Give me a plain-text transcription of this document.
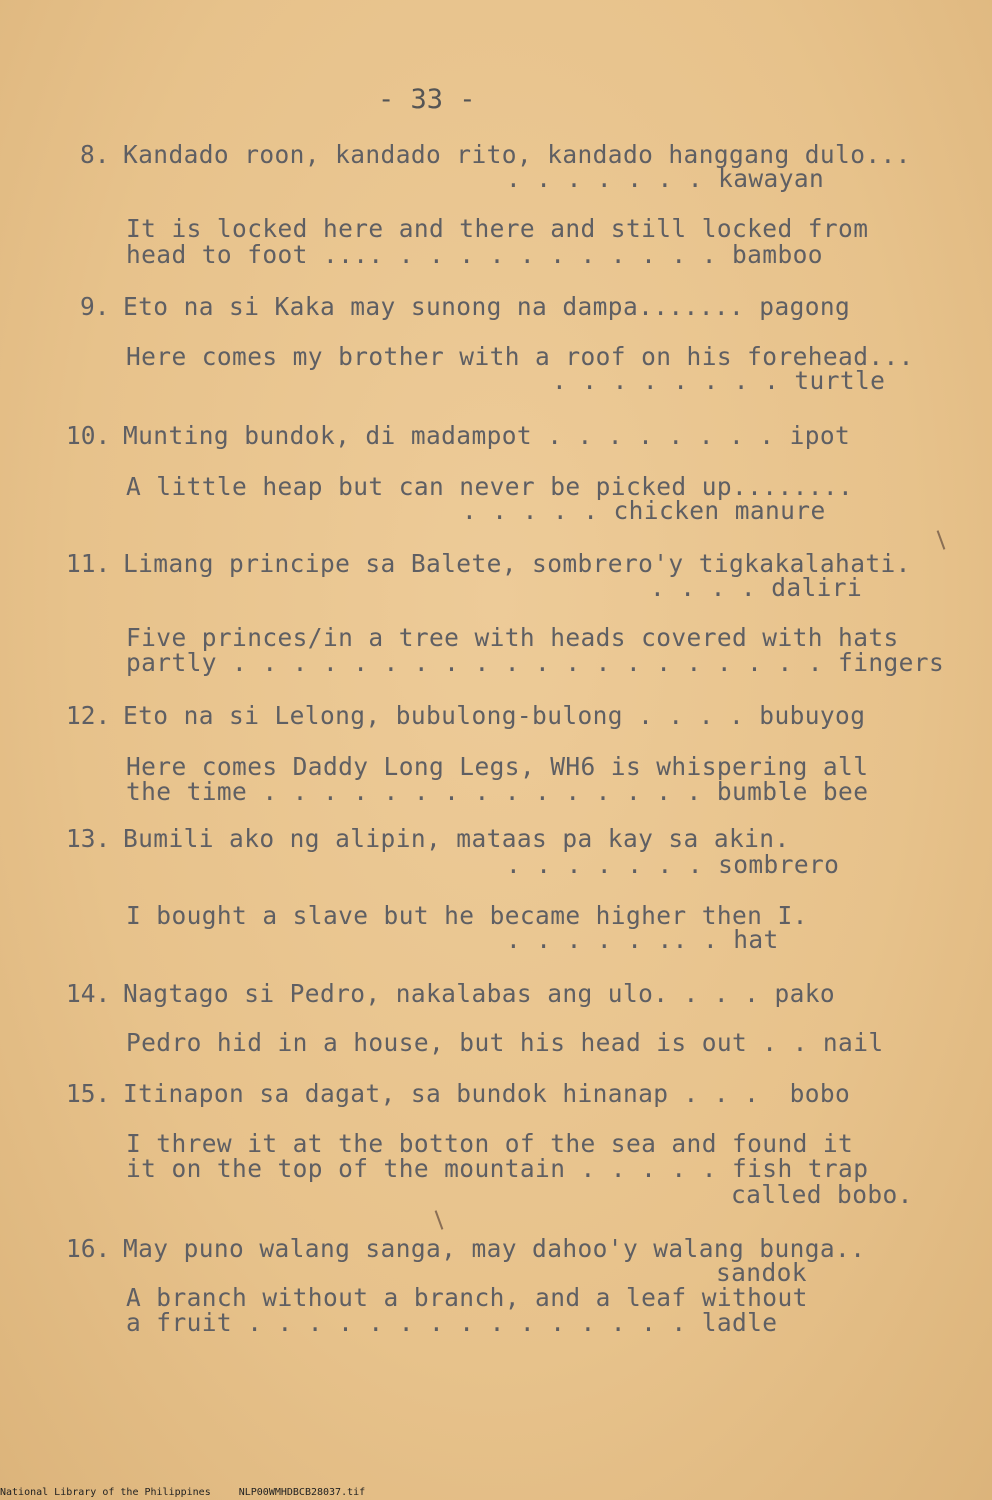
- 33 -
8. Kandado roon, kandado rito, kandado hanggang dulo...
. . . . . . . kawayan
It is locked here and there and still locked from
head to foot .... . . . . . . . . . . . bamboo
9. Eto na si Kaka may sunong na dampa....... pagong
Here comes my brother with a roof on his forehead...
. . . . . . . . turtle
10. Munting bundok, di madampot . . . . . . . . ipot
A little heap but can never be picked up........
. . . . . chicken manure
11. Limang principe sa Balete, sombrero'y tigkakalahati.
. . . . daliri
Five princes/in a tree with heads covered with hats
partly . . . . . . . . . . . . . . . . . . . . fingers
12. Eto na si Lelong, bubulong-bulong . . . . bubuyog
Here comes Daddy Long Legs, WH6 is whispering all
the time . . . . . . . . . . . . . . . bumble bee
13. Bumili ako ng alipin, mataas pa kay sa akin.
. . . . . . . sombrero
I bought a slave but he became higher then I.
. . . . . .. . hat
14. Nagtago si Pedro, nakalabas ang ulo. . . . pako
Pedro hid in a house, but his head is out . . nail
15. Itinapon sa dagat, sa bundok hinanap . . .  bobo
I threw it at the botton of the sea and found it
it on the top of the mountain . . . . . fish trap
called bobo.
16. May puno walang sanga, may dahoo'y walang bunga..
sandok
A branch without a branch, and a leaf without
a fruit . . . . . . . . . . . . . . . ladle
National Library of the Philippines	NLP00WMHDBCB28037.tif
